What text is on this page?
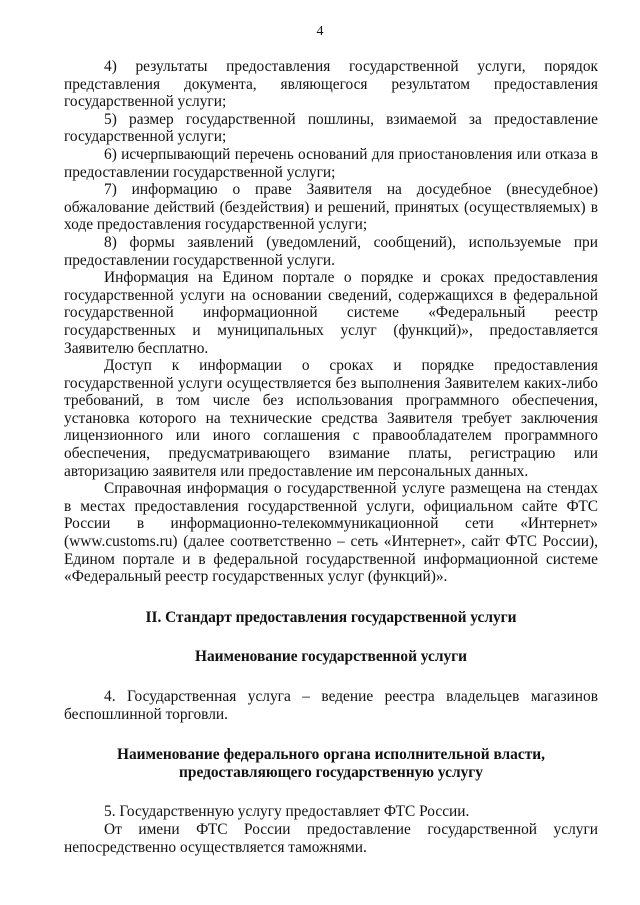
4

4) результаты предоставления государственной услуги, порядок представления документа, являющегося результатом предоставления государственной услуги;

5) размер государственной пошлины, взимаемой за предоставление государственной услуги;

6) исчерпывающий перечень оснований для приостановления или отказа в предоставлении государственной услуги;

7) информацию о праве Заявителя на досудебное (внесудебное) обжалование действий (бездействия) и решений, принятых (осуществляемых) в ходе предоставления государственной услуги;

8) формы заявлений (уведомлений, сообщений), используемые при предоставлении государственной услуги.

Информация на Едином портале о порядке и сроках предоставления государственной услуги на основании сведений, содержащихся в федеральной государственной информационной системе «Федеральный реестр государственных и муниципальных услуг (функций)», предоставляется Заявителю бесплатно.

Доступ к информации о сроках и порядке предоставления государственной услуги осуществляется без выполнения Заявителем каких-либо требований, в том числе без использования программного обеспечения, установка которого на технические средства Заявителя требует заключения лицензионного или иного соглашения с правообладателем программного обеспечения, предусматривающего взимание платы, регистрацию или авторизацию заявителя или предоставление им персональных данных.

Справочная информация о государственной услуге размещена на стендах в местах предоставления государственной услуги, официальном сайте ФТС России в информационно-телекоммуникационной сети «Интернет» (www.customs.ru) (далее соответственно – сеть «Интернет», сайт ФТС России), Едином портале и в федеральной государственной информационной системе «Федеральный реестр государственных услуг (функций)».

II. Стандарт предоставления государственной услуги

Наименование государственной услуги

4. Государственная услуга – ведение реестра владельцев магазинов беспошлинной торговли.

Наименование федерального органа исполнительной власти,

предоставляющего государственную услугу

5. Государственную услугу предоставляет ФТС России.

От имени ФТС России предоставление государственной услуги непосредственно осуществляется таможнями.
